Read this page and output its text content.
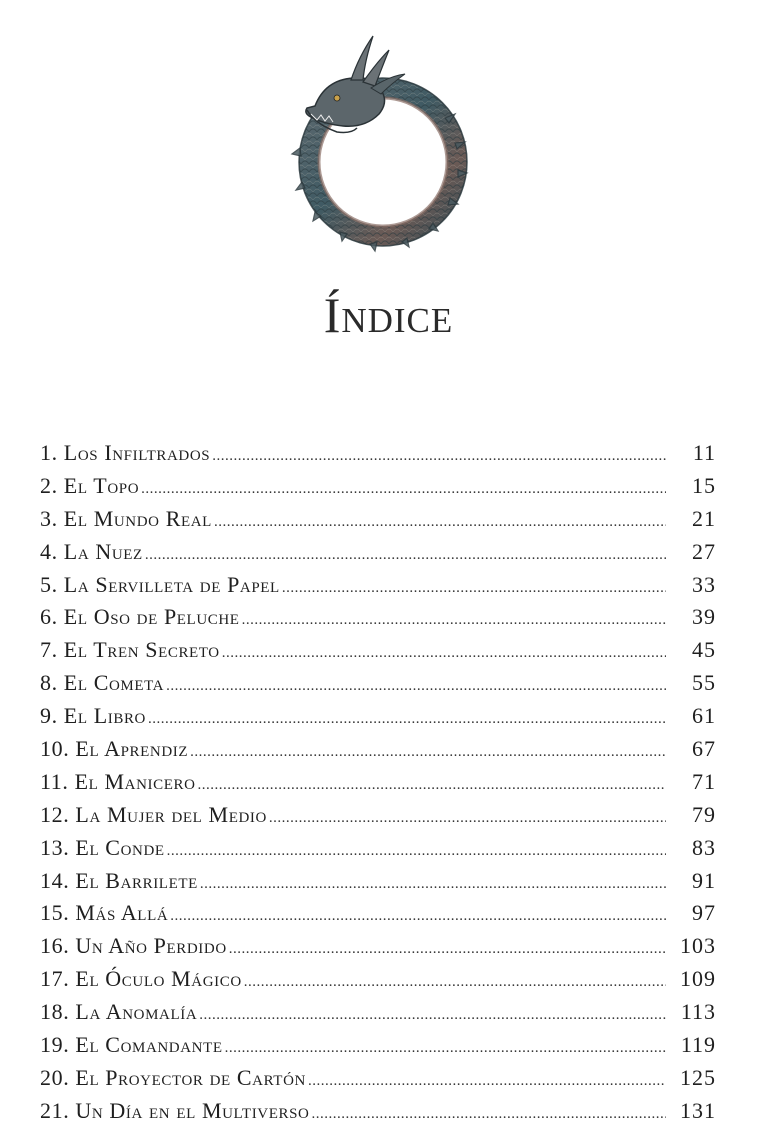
Índice
1. Los Infiltrados .....	11
2. El Topo .....	15
3. El Mundo Real .....	21
4. La Nuez .....	27
5. La Servilleta de Papel .....	33
6. El Oso de Peluche .....	39
7. El Tren Secreto .....	45
8. El Cometa .....	55
9. El Libro .....	61
10. El Aprendiz .....	67
11. El Manicero .....	71
12. La Mujer del Medio .....	79
13. El Conde .....	83
14. El Barrilete .....	91
15. Más Allá .....	97
16. Un Año Perdido .....	103
17. El Óculo Mágico .....	109
18. La Anomalía .....	113
19. El Comandante .....	119
20. El Proyector de Cartón .....	125
21. Un Día en el Multiverso .....	131
